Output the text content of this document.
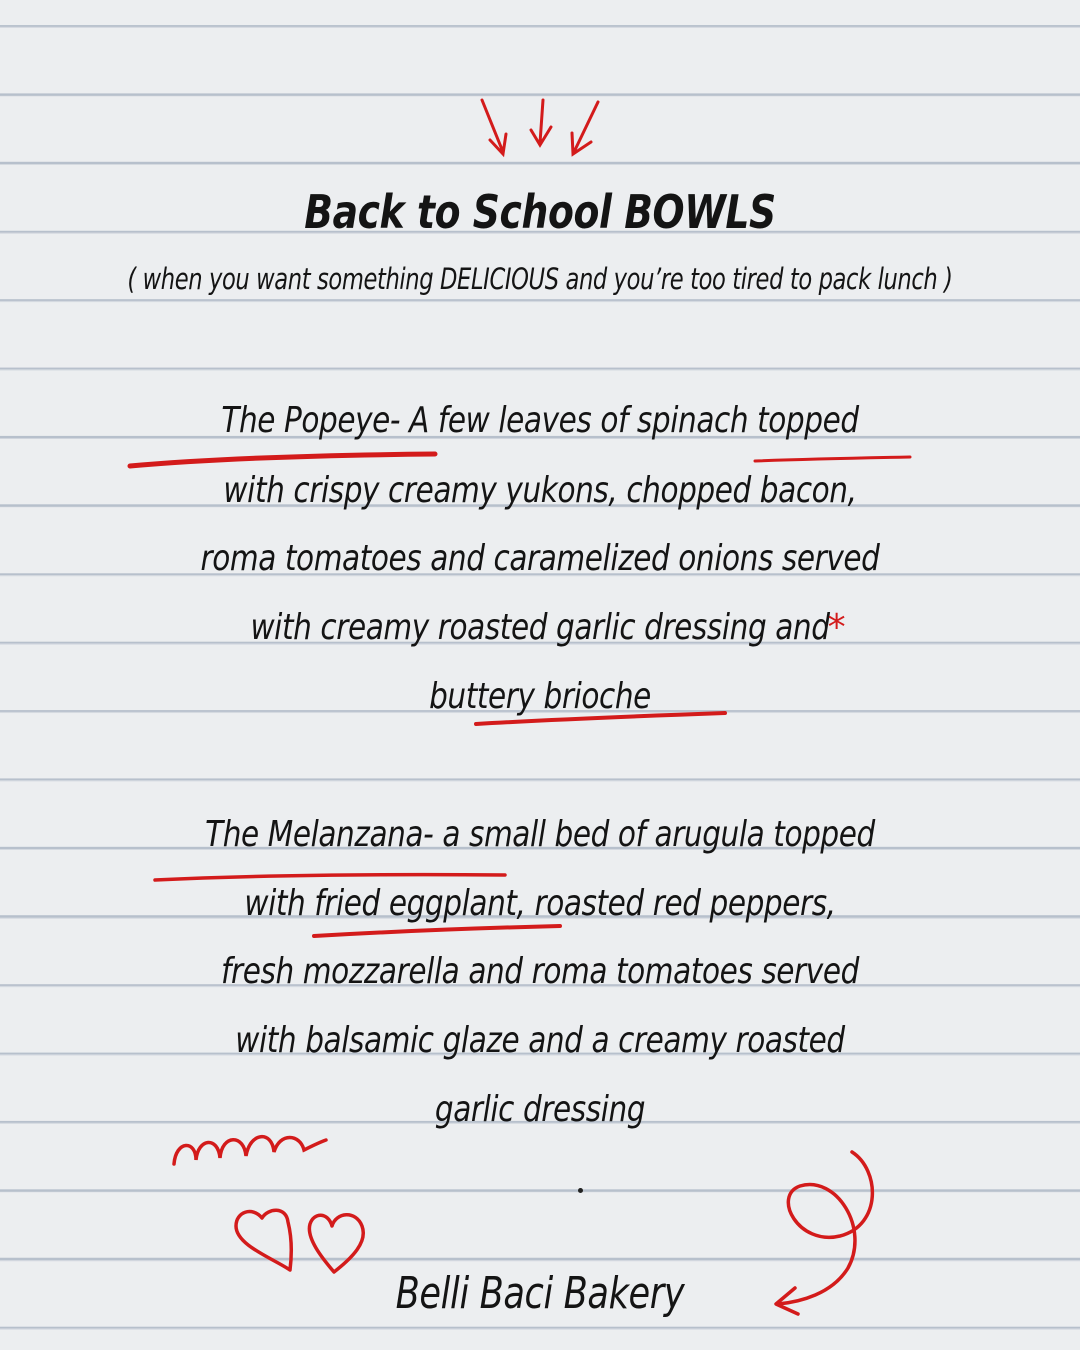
Back to School BOWLS
( when you want something DELICIOUS and you’re too tired to pack lunch )
The Popeye- A few leaves of spinach topped
with crispy creamy yukons, chopped bacon,
roma tomatoes and caramelized onions served
with creamy roasted garlic dressing and
*
buttery brioche
The Melanzana- a small bed of arugula topped
with fried eggplant, roasted red peppers,
fresh mozzarella and roma tomatoes served
with balsamic glaze and a creamy roasted
garlic dressing
Belli Baci Bakery
